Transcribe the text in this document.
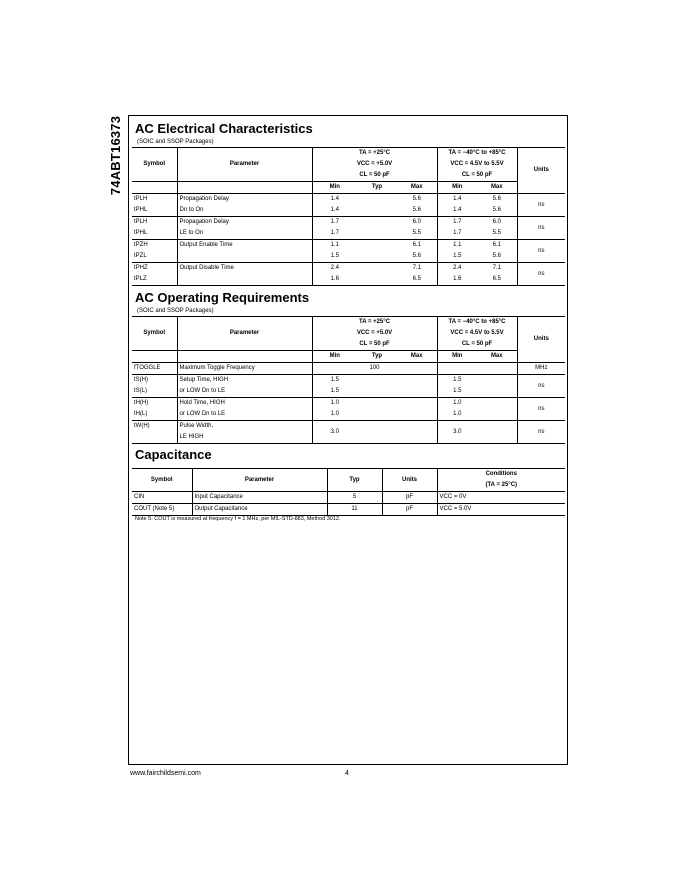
74ABT16373 AC Electrical Characteristics
(SOIC and SSOP Packages)
Symbol	Parameter	TA = +25°C			TA = −40°C to +85°C		Units
		VCC = +5.0V			VCC = 4.5V to 5.5V		
		CL = 50 pF			CL = 50 pF		
		Min	Typ	Max	Min	Max	
tPLH	Propagation Delay	1.4		5.6	1.4	5.6	ns
tPHL	Dn to On	1.4		5.6	1.4	5.6	
tPLH	Propagation Delay	1.7		6.0	1.7	6.0	ns
tPHL	LE to On	1.7		5.5	1.7	5.5	
tPZH	Output Enable Time	1.1		6.1	1.1	6.1	ns
tPZL		1.5		5.6	1.5	5.6	
tPHZ	Output Disable Time	2.4		7.1	2.4	7.1	ns
tPLZ		1.6		6.5	1.6	6.5	
AC Operating Requirements
(SOIC and SSOP Packages)
Symbol	Parameter	TA = +25°C			TA = −40°C to +85°C		Units
		VCC = +5.0V			VCC = 4.5V to 5.5V		
		CL = 50 pF			CL = 50 pF		
		Min	Typ	Max	Min	Max	
fTOGGLE	Maximum Toggle Frequency	100					MHz
tS(H)	Setup Time, HIGH	1.5			1.5		ns
tS(L)	or LOW Dn to LE	1.5			1.5		
tH(H)	Hold Time, HIGH	1.0			1.0		ns
tH(L)	or LOW Dn to LE	1.0			1.0		
tW(H)	Pulse Width,	3.0			3.0		ns
	LE HIGH						
Capacitance
Symbol	Parameter	Typ	Units	Conditions
				(TA = 25°C)
CIN	Input Capacitance	5	pF	VCC = 0V
COUT (Note 5)	Output Capacitance	11	pF	VCC = 5.0V
Note 5: COUT is measured at frequency f = 1 MHz, per MIL-STD-883, Method 3012.
www.fairchildsemi.com	4
